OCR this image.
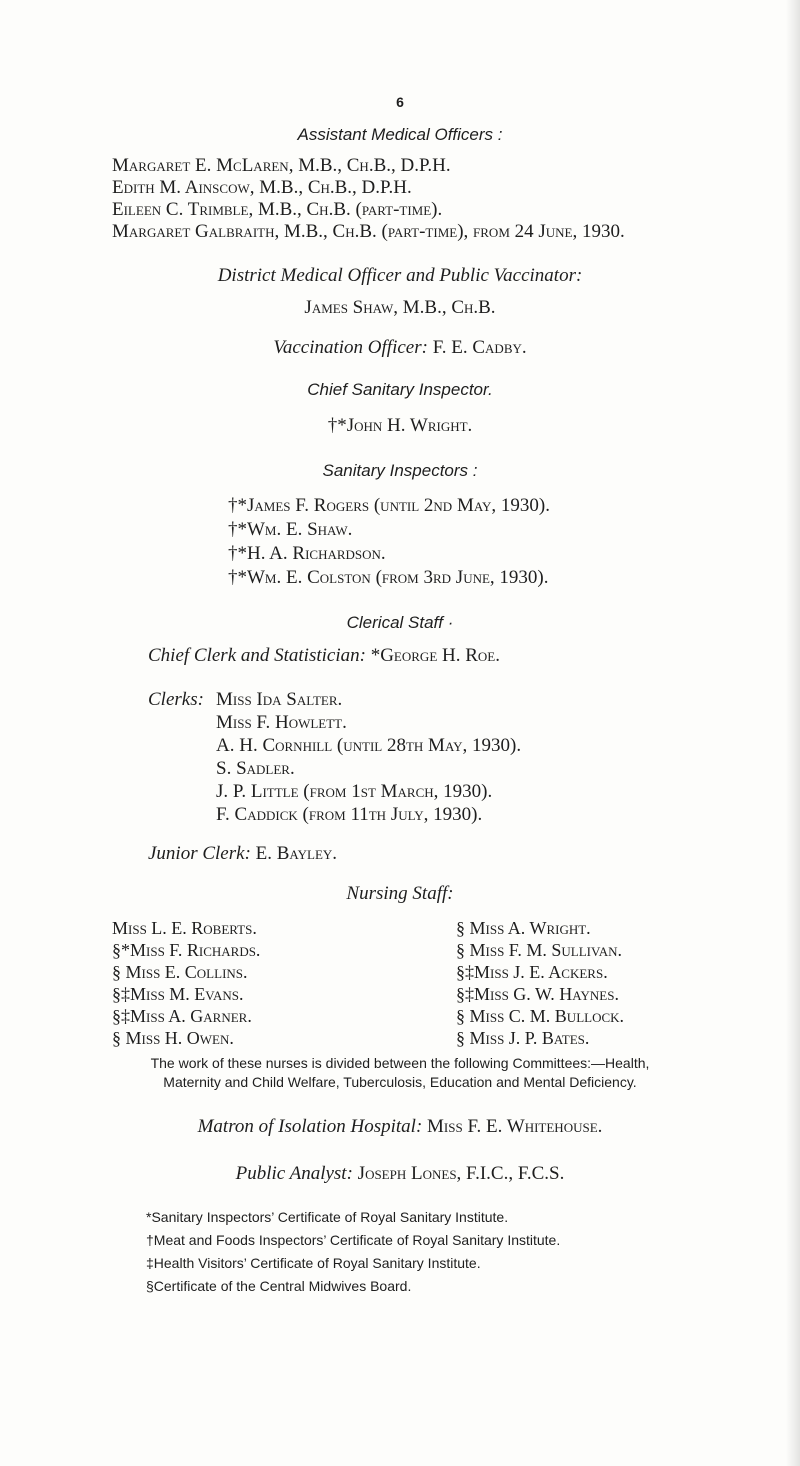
6
Assistant Medical Officers :
Margaret E. McLaren, M.B., Ch.B., D.P.H.
Edith M. Ainscow, M.B., Ch.B., D.P.H.
Eileen C. Trimble, M.B., Ch.B. (part-time).
Margaret Galbraith, M.B., Ch.B. (part-time), from 24 June, 1930.
District Medical Officer and Public Vaccinator:
James Shaw, M.B., Ch.B.
Vaccination Officer: F. E. Cadby.
Chief Sanitary Inspector.
†*John H. Wright.
Sanitary Inspectors :
†*James F. Rogers (until 2nd May, 1930).
†*Wm. E. Shaw.
†*H. A. Richardson.
†*Wm. E. Colston (from 3rd June, 1930).
Clerical Staff ·
Chief Clerk and Statistician: *George H. Roe.
Clerks: Miss Ida Salter.
Miss F. Howlett.
A. H. Cornhill (until 28th May, 1930).
S. Sadler.
J. P. Little (from 1st March, 1930).
F. Caddick (from 11th July, 1930).
Junior Clerk: E. Bayley.
Nursing Staff:
Miss L. E. Roberts.
§*Miss F. Richards.
§ Miss E. Collins.
§‡Miss M. Evans.
§‡Miss A. Garner.
§ Miss H. Owen.
§ Miss A. Wright.
§ Miss F. M. Sullivan.
§‡Miss J. E. Ackers.
§‡Miss G. W. Haynes.
§ Miss C. M. Bullock.
§ Miss J. P. Bates.
The work of these nurses is divided between the following Committees:—Health,
Maternity and Child Welfare, Tuberculosis, Education and Mental Deficiency.
Matron of Isolation Hospital: Miss F. E. Whitehouse.
Public Analyst: Joseph Lones, F.I.C., F.C.S.
*Sanitary Inspectors’ Certificate of Royal Sanitary Institute.
†Meat and Foods Inspectors’ Certificate of Royal Sanitary Institute.
‡Health Visitors’ Certificate of Royal Sanitary Institute.
§Certificate of the Central Midwives Board.
